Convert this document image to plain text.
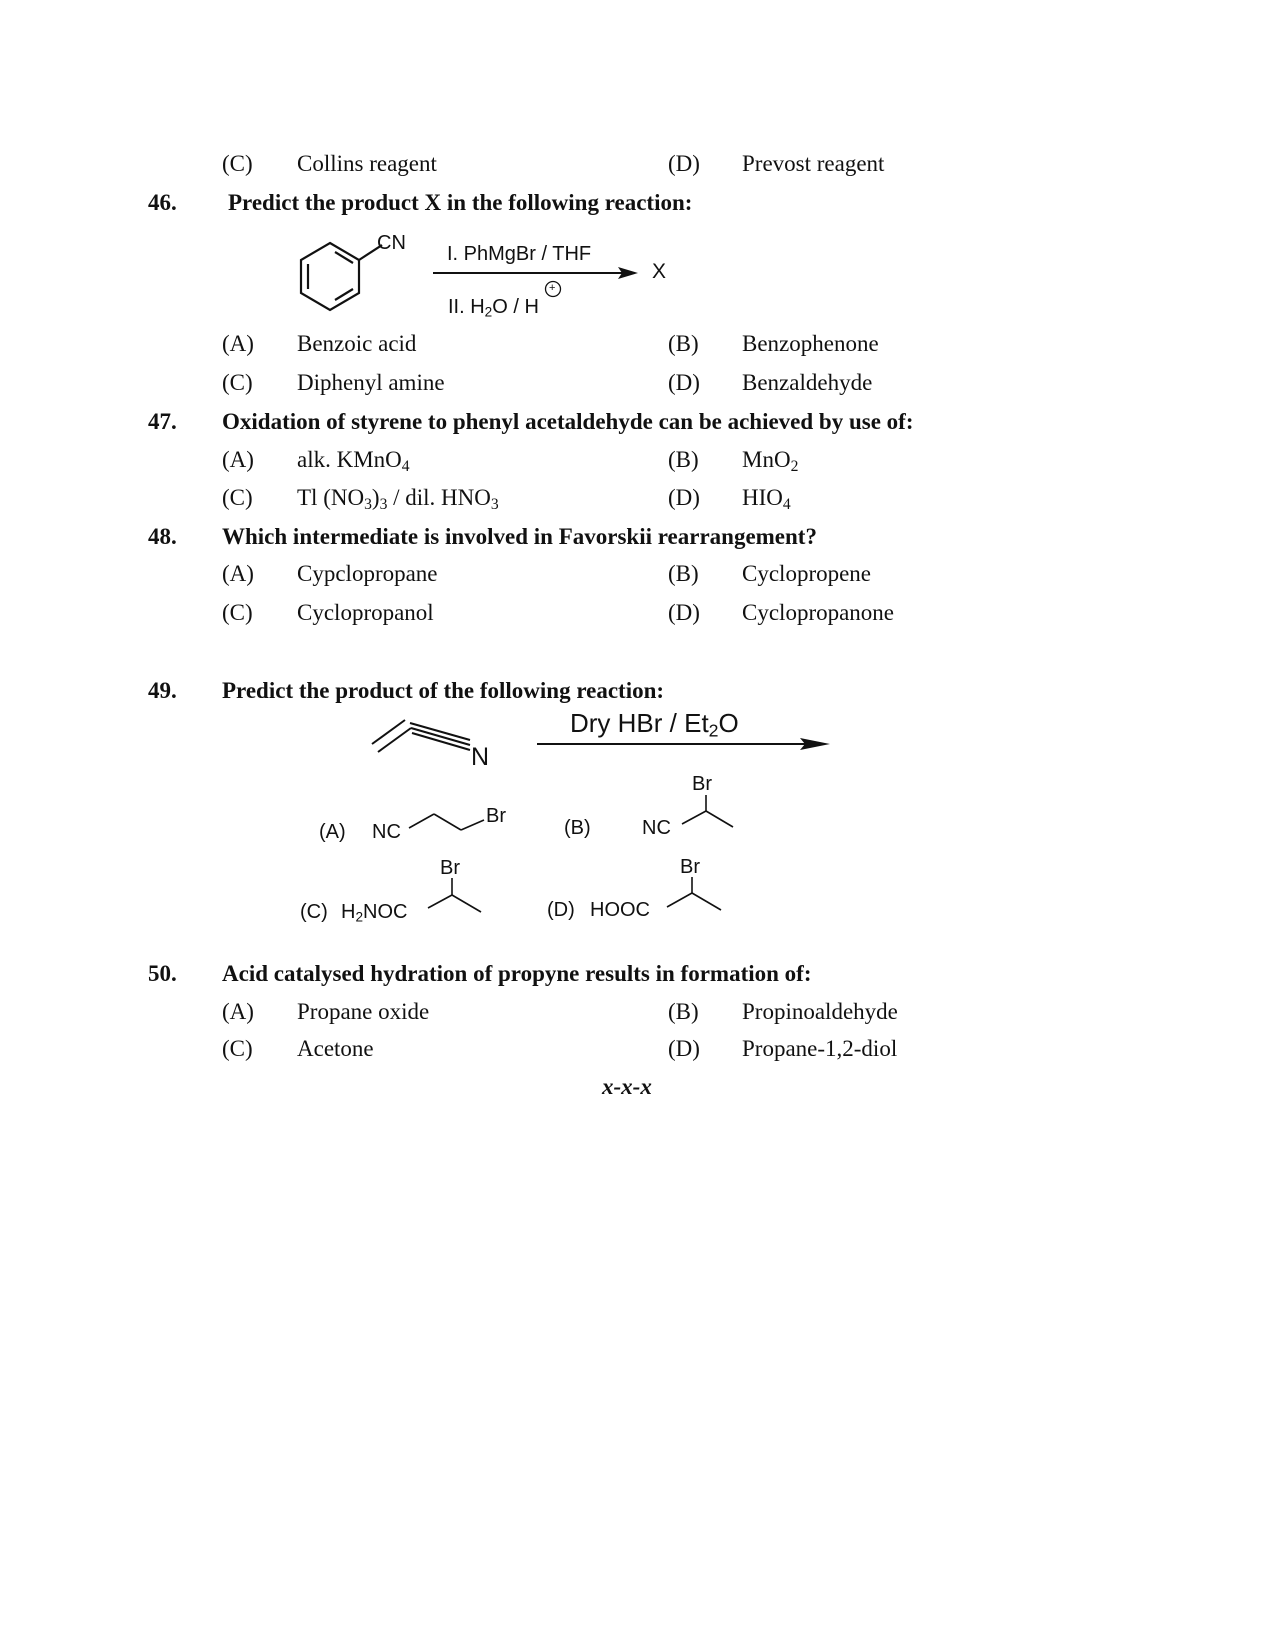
(C) Collins reagent	(D) Prevost reagent
46. Predict the product X in the following reaction:
CN I. PhMgBr / THF
II. $H_2O$ / H
+
X
(A) Benzoic acid	(B) Benzophenone
(C) Diphenyl amine	(D) Benzaldehyde
47. Oxidation of styrene to phenyl acetaldehyde can be achieved by use of:
(A) alk. KMnO$_4$	(B) MnO$_2$
(C) Tl $(NO_3)_3$ / dil. $HNO_3$	(D) $HIO_4$
48. Which intermediate is involved in Favorskii rearrangement?
(A) Cypclopropane	(B) Cyclopropene
(C) Cyclopropanol	(D) Cyclopropanone
49. Predict the product of the following reaction:
Dry HBr / $Et_2O$
N
(A) NC
Br
(B)	NC
Br
(C) $H_2NOC$
Br
(D) HOOC
Br
50. Acid catalysed hydration of propyne results in formation of:
(A) Propane oxide	(B) Propinoaldehyde
(C) Acetone	(D) Propane-1,2-diol
x-x-x
